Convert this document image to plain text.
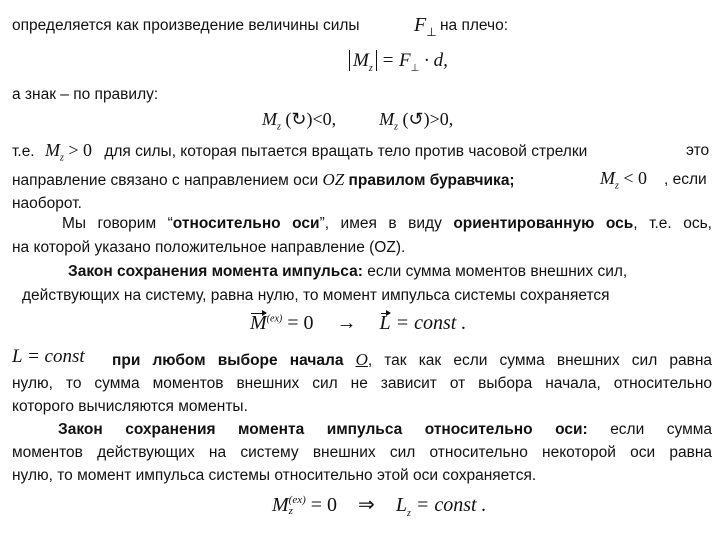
определяется как произведение величины силы	$F_\perp$ на плечо:
$M_z = F_\perp \cdot d$,
а знак – по правилу:
$M_z$ (↻)<0, $M_z$ (↺)>0,
т.е. $M_z > 0$ для силы, которая пытается вращать тело против часовой стрелки	это
направление связано с направлением оси OZ правилом буравчика;	$M_z < 0$ , если
наоборот.
Мы говорим “относительно оси”, имея в виду ориентированную ось, т.е. ось,
на которой указано положительное направление (OZ).
Закон сохранения момента импульса: если сумма моментов внешних сил,
действующих на систему, равна нулю, то момент импульса системы сохраняется
$M^{(ex)} = 0 \to L$ = const .
L = const при любом выборе начала O, так как если сумма внешних сил равна
нулю, то сумма моментов внешних сил не зависит от выбора начала, относительно
которого вычисляются моменты.
Закон сохранения момента импульса относительно оси: если сумма
моментов действующих на систему внешних сил относительно некоторой оси равна
нулю, то момент импульса системы относительно этой оси сохраняется.
M (ex)
z = 0 ⇒ $L_z$ = const .
